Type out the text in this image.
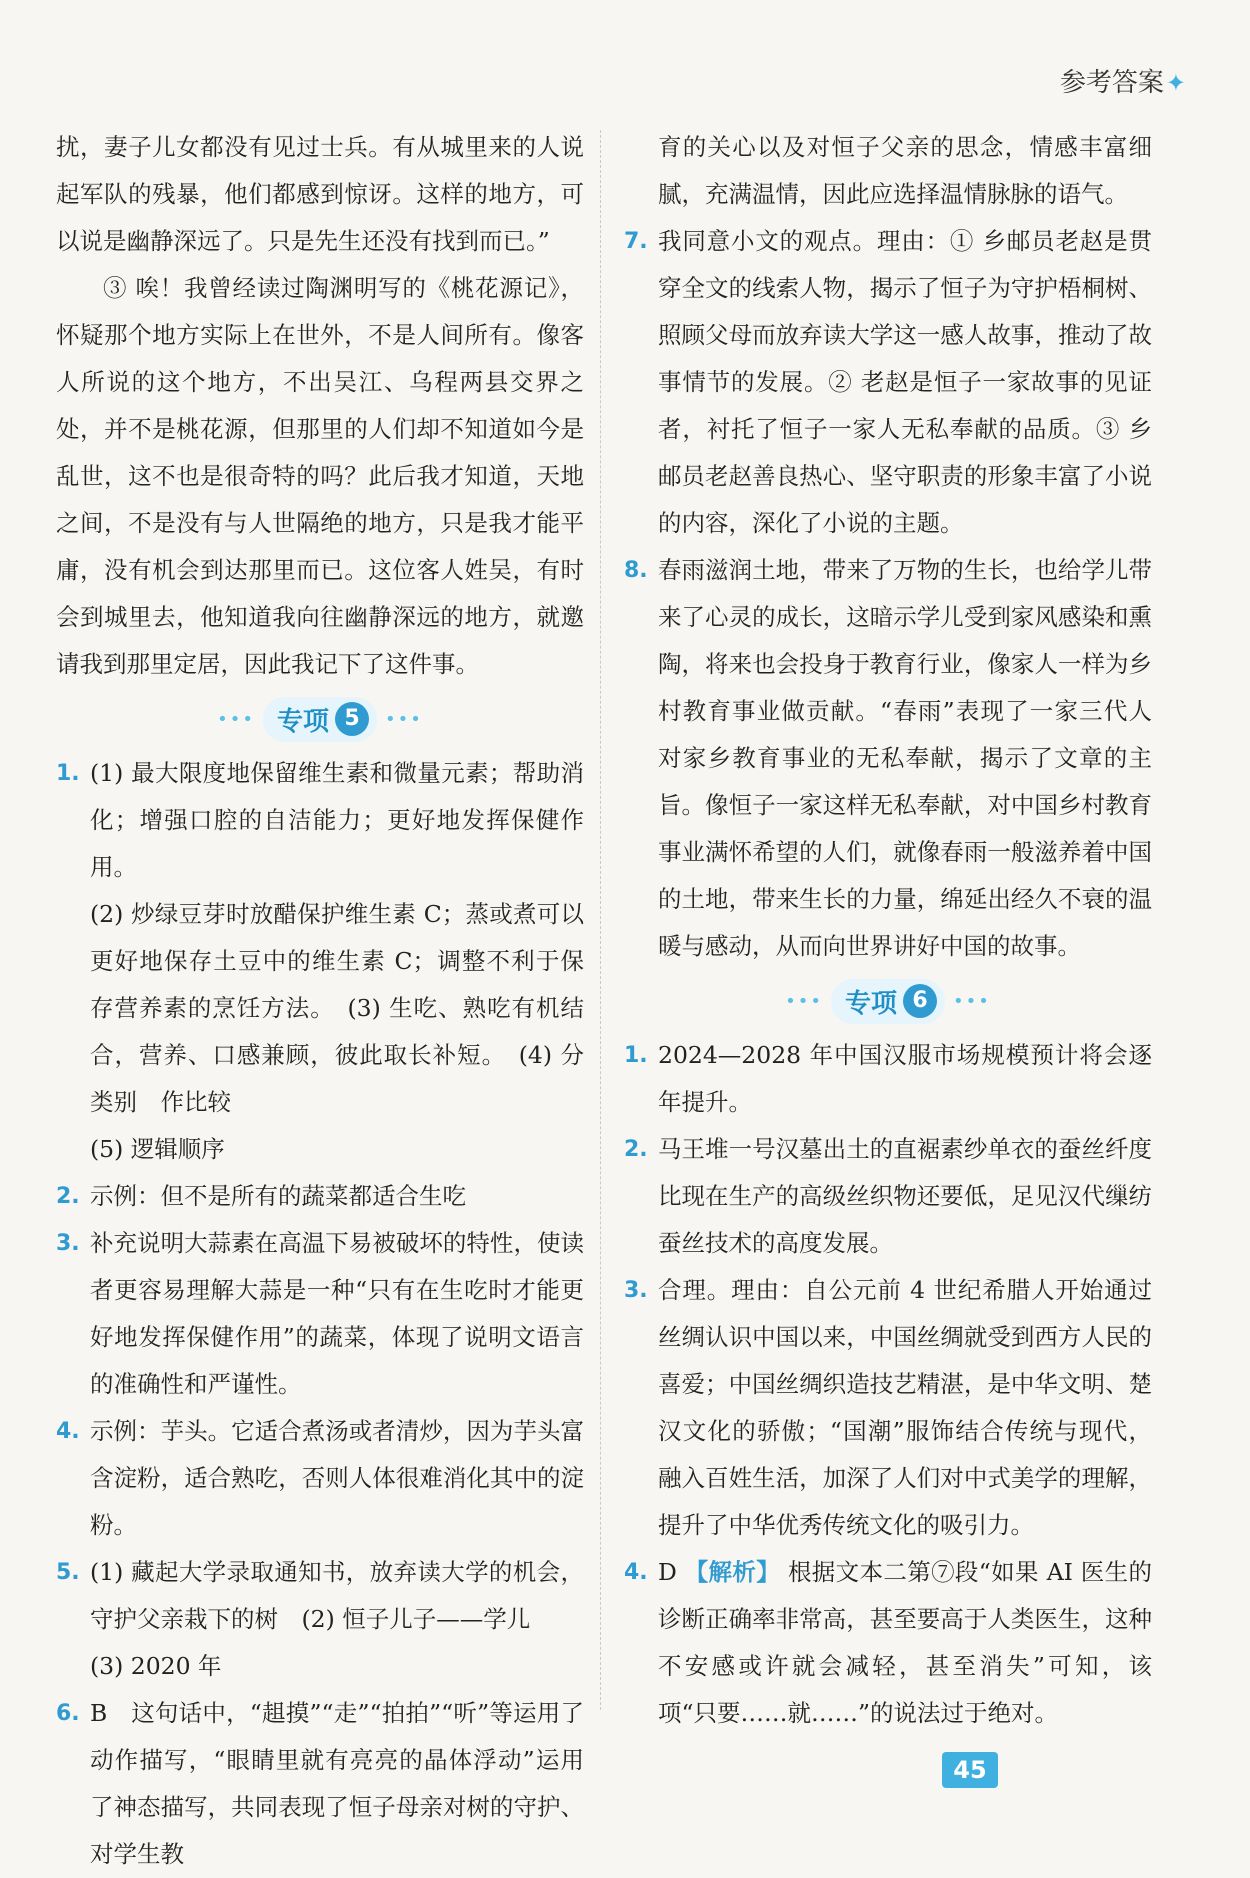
参考答案✦

扰，妻子儿女都没有见过士兵。有从城里来的人说起军队的残暴，他们都感到惊讶。这样的地方，可以说是幽静深远了。只是先生还没有找到而已。”

③ 唉！我曾经读过陶渊明写的《桃花源记》，怀疑那个地方实际上在世外，不是人间所有。像客人所说的这个地方，不出吴江、乌程两县交界之处，并不是桃花源，但那里的人们却不知道如今是乱世，这不也是很奇特的吗？此后我才知道，天地之间，不是没有与人世隔绝的地方，只是我才能平庸，没有机会到达那里而已。这位客人姓吴，有时会到城里去，他知道我向往幽静深远的地方，就邀请我到那里定居，因此我记下了这件事。

••• 专项 5	•••
1. (1) 最大限度地保留维生素和微量元素；帮助消化；增强口腔的自洁能力；更好地发挥保健作用。

(2) 炒绿豆芽时放醋保护维生素 C；蒸或煮可以更好地保存土豆中的维生素 C；调整不利于保存营养素的烹饪方法。　(3) 生吃、熟吃有机结合，营养、口感兼顾，彼此取长补短。　(4) 分类别　作比较

(5) 逻辑顺序

2. 示例：但不是所有的蔬菜都适合生吃

3. 补充说明大蒜素在高温下易被破坏的特性，使读者更容易理解大蒜是一种“只有在生吃时才能更好地发挥保健作用”的蔬菜，体现了说明文语言的准确性和严谨性。

4. 示例：芋头。它适合煮汤或者清炒，因为芋头富含淀粉，适合熟吃，否则人体很难消化其中的淀粉。

5. (1) 藏起大学录取通知书，放弃读大学的机会，守护父亲栽下的树　(2) 恒子儿子——学儿

(3) 2020 年

6. B　这句话中，“趄摸”“走”“拍拍”“听”等运用了动作描写，“眼睛里就有亮亮的晶体浮动”运用了神态描写，共同表现了恒子母亲对树的守护、对学生教

育的关心以及对恒子父亲的思念，情感丰富细腻，充满温情，因此应选择温情脉脉的语气。

7. 我同意小文的观点。理由：① 乡邮员老赵是贯穿全文的线索人物，揭示了恒子为守护梧桐树、照顾父母而放弃读大学这一感人故事，推动了故事情节的发展。② 老赵是恒子一家故事的见证者，衬托了恒子一家人无私奉献的品质。③ 乡邮员老赵善良热心、坚守职责的形象丰富了小说的内容，深化了小说的主题。

8. 春雨滋润土地，带来了万物的生长，也给学儿带来了心灵的成长，这暗示学儿受到家风感染和熏陶，将来也会投身于教育行业，像家人一样为乡村教育事业做贡献。“春雨”表现了一家三代人对家乡教育事业的无私奉献，揭示了文章的主旨。像恒子一家这样无私奉献，对中国乡村教育事业满怀希望的人们，就像春雨一般滋养着中国的土地，带来生长的力量，绵延出经久不衰的温暖与感动，从而向世界讲好中国的故事。

••• 专项 6	•••
1. 2024—2028 年中国汉服市场规模预计将会逐年提升。

2. 马王堆一号汉墓出土的直裾素纱单衣的蚕丝纤度比现在生产的高级丝织物还要低，足见汉代缫纺蚕丝技术的高度发展。

3. 合理。理由：自公元前 4 世纪希腊人开始通过丝绸认识中国以来，中国丝绸就受到西方人民的喜爱；中国丝绸织造技艺精湛，是中华文明、楚汉文化的骄傲；“国潮”服饰结合传统与现代，融入百姓生活，加深了人们对中式美学的理解，提升了中华优秀传统文化的吸引力。

4. D 【解析】 根据文本二第⑦段“如果 AI 医生的诊断正确率非常高，甚至要高于人类医生，这种不安感或许就会减轻，甚至消失”可知，该项“只要……就……”的说法过于绝对。

45
